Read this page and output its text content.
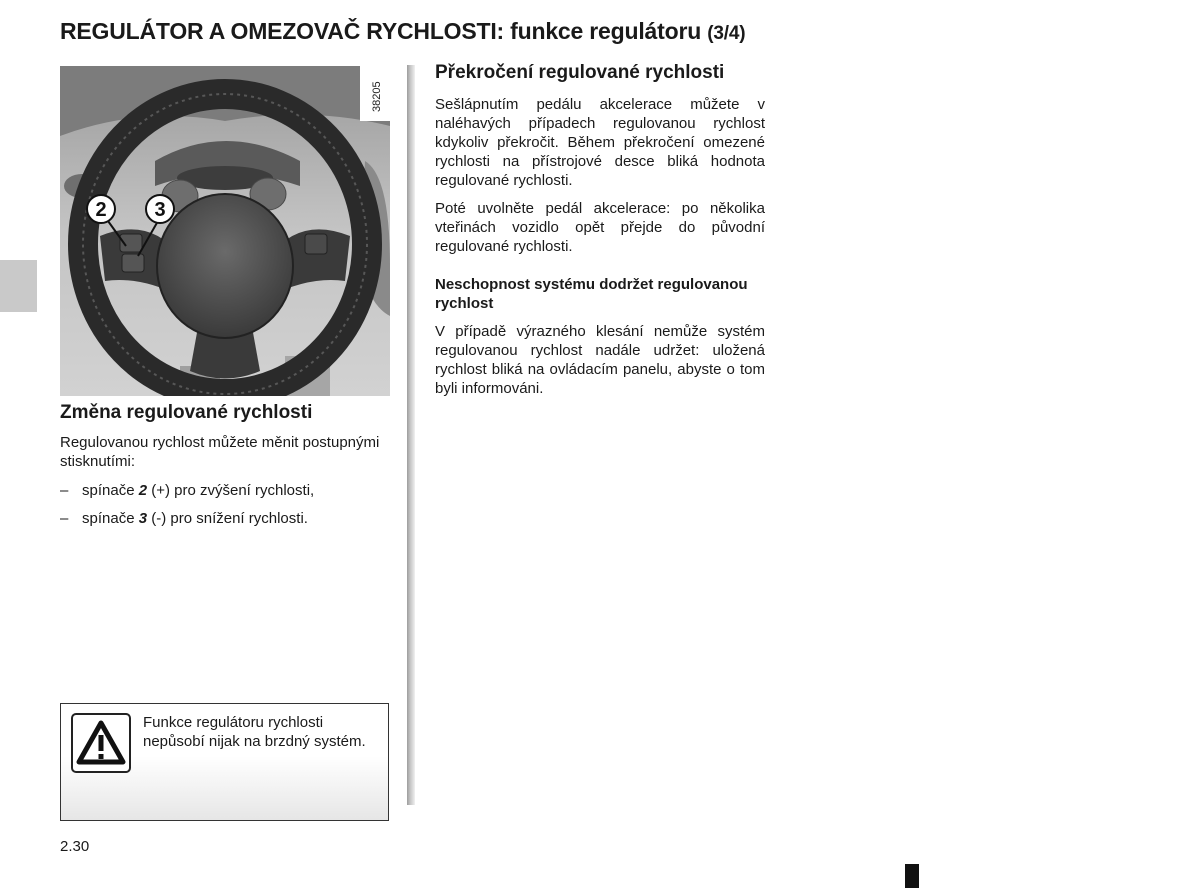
REGULÁTOR A OMEZOVAČ RYCHLOSTI: funkce regulátoru (3/4)
2 3
38205
Změna regulované rychlosti
Regulovanou rychlost můžete měnit postupnými stisknutími:
– spínače 2 (+) pro zvýšení rychlosti,
– spínače 3 (-) pro snížení rychlosti.
Funkce regulátoru rychlosti nepůsobí nijak na brzdný systém.
2.30
Překročení regulované rychlosti
Sešlápnutím pedálu akcelerace můžete v naléhavých případech regulovanou rychlost kdykoliv překročit. Během překročení omezené rychlosti na přístrojové desce bliká hodnota regulované rychlosti.
Poté uvolněte pedál akcelerace: po několika vteřinách vozidlo opět přejde do původní regulované rychlosti.
Neschopnost systému dodržet regulovanou rychlost
V případě výrazného klesání nemůže systém regulovanou rychlost nadále udržet: uložená rychlost bliká na ovládacím panelu, abyste o tom byli informováni.
